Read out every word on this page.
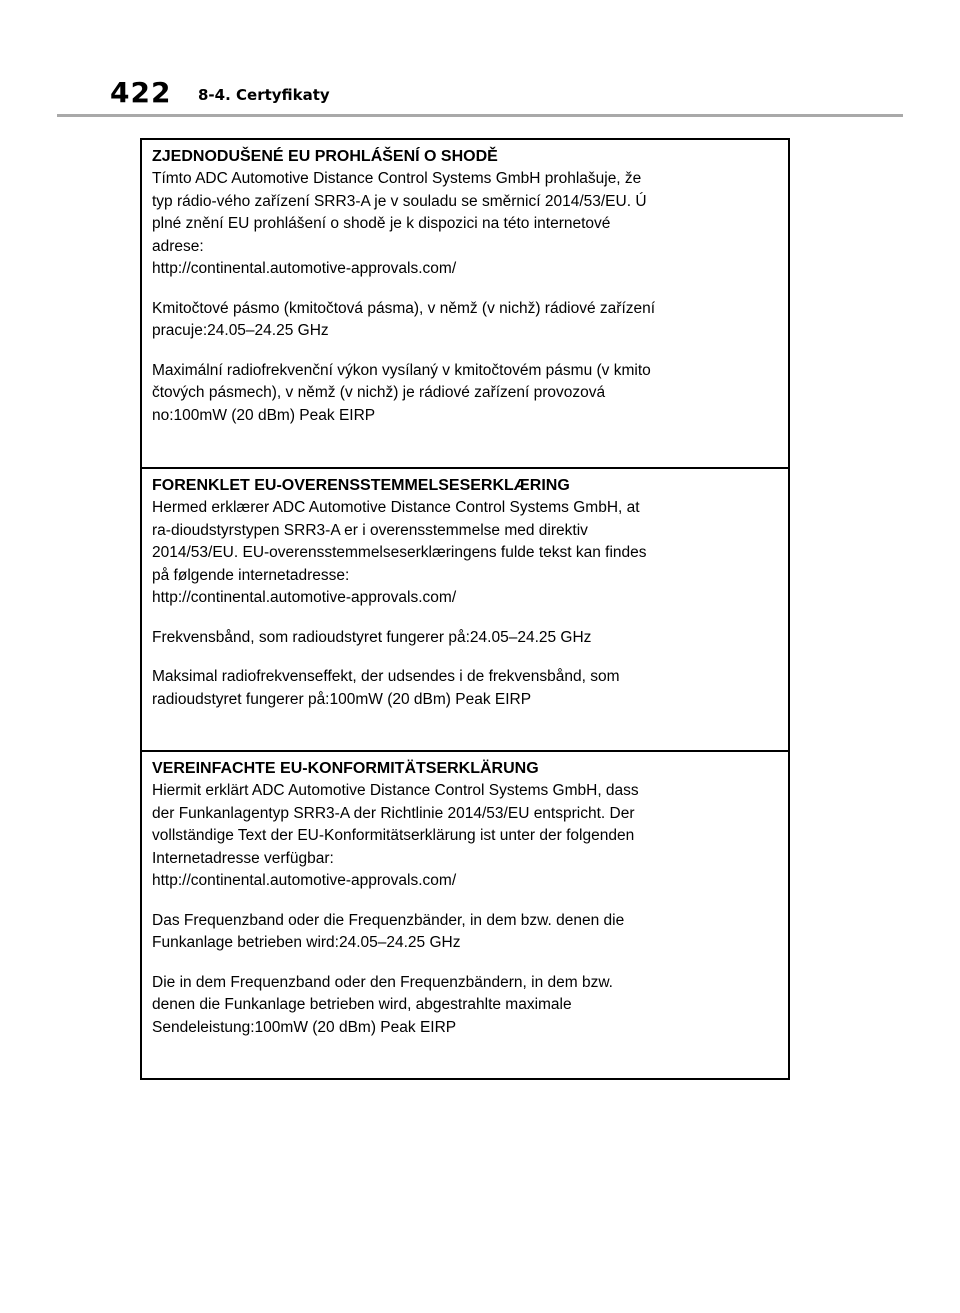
422 8-4. Certyfikaty
ZJEDNODUŠENÉ EU PROHLÁŠENÍ O SHODĚ

Tímto ADC Automotive Distance Control Systems GmbH prohlašuje, že
typ rádio-vého zařízení SRR3-A je v souladu se směrnicí 2014/53/EU. Ú
plné znění EU prohlášení o shodě je k dispozici na této internetové
adrese:
http://continental.automotive-approvals.com/

Kmitočtové pásmo (kmitočtová pásma), v němž (v nichž) rádiové zařízení
pracuje:24.05–24.25 GHz

Maximální radiofrekvenční výkon vysílaný v kmitočtovém pásmu (v kmito
čtových pásmech), v němž (v nichž) je rádiové zařízení provozová
no:100mW (20 dBm) Peak EIRP

FORENKLET EU-OVERENSSTEMMELSESERKLÆRING

Hermed erklærer ADC Automotive Distance Control Systems GmbH, at
ra-dioudstyrstypen SRR3-A er i overensstemmelse med direktiv
2014/53/EU. EU-overensstemmelseserklæringens fulde tekst kan findes
på følgende internetadresse:
http://continental.automotive-approvals.com/

Frekvensbånd, som radioudstyret fungerer på:24.05–24.25 GHz

Maksimal radiofrekvenseffekt, der udsendes i de frekvensbånd, som
radioudstyret fungerer på:100mW (20 dBm) Peak EIRP

VEREINFACHTE EU-KONFORMITÄTSERKLÄRUNG

Hiermit erklärt ADC Automotive Distance Control Systems GmbH, dass
der Funkanlagentyp SRR3-A der Richtlinie 2014/53/EU entspricht. Der
vollständige Text der EU-Konformitätserklärung ist unter der folgenden
Internetadresse verfügbar:
http://continental.automotive-approvals.com/

Das Frequenzband oder die Frequenzbänder, in dem bzw. denen die
Funkanlage betrieben wird:24.05–24.25 GHz

Die in dem Frequenzband oder den Frequenzbändern, in dem bzw.
denen die Funkanlage betrieben wird, abgestrahlte maximale
Sendeleistung:100mW (20 dBm) Peak EIRP
